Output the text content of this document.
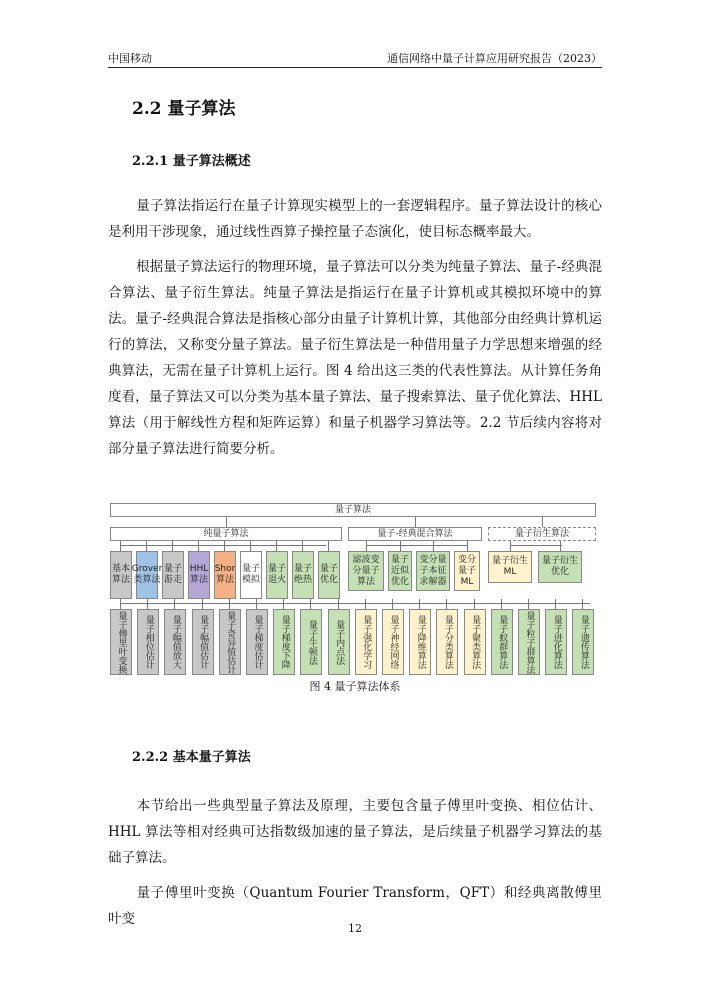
中国移动	通信网络中量子计算应用研究报告（2023）
2.2 量子算法
2.2.1 量子算法概述

量子算法指运行在量子计算现实模型上的一套逻辑程序。量子算法设计的核心是利用干涉现象，通过线性酉算子操控量子态演化，使目标态概率最大。

根据量子算法运行的物理环境，量子算法可以分类为纯量子算法、量子-经典混合算法、量子衍生算法。纯量子算法是指运行在量子计算机或其模拟环境中的算法。量子-经典混合算法是指核心部分由量子计算机计算，其他部分由经典计算机运行的算法，又称变分量子算法。量子衍生算法是一种借用量子力学思想来增强的经典算法，无需在量子计算机上运行。图 4 给出这三类的代表性算法。从计算任务角度看，量子算法又可以分类为基本量子算法、量子搜索算法、量子优化算法、HHL 算法（用于解线性方程和矩阵运算）和量子机器学习算法等。2.2 节后续内容将对部分量子算法进行简要分析。

量子算法
纯量子算法	量子-经典混合算法	量子衍生算法
基本算法
Grover类算法
量子游走
HHL算法
Shor算法
量子模拟
量子退火
量子绝热
量子优化
滤波变分量子算法
量子近似优化
变分量子本征求解器
变分量子ML
量子衍生ML
量子衍生优化
量子傅里叶变换	量子相位估计	量子幅值放大	量子幅值估计	量子奇异值估计	量子梯度估计	量子梯度下降	量子牛顿法	量子内点法	量子强化学习	量子神经网络	量子降维算法	量子分类算法	量子聚类算法	量子蚁群算法	量子粒子群算法	量子进化算法	量子遗传算法
图 4 量子算法体系
2.2.2 基本量子算法

本节给出一些典型量子算法及原理，主要包含量子傅里叶变换、相位估计、HHL 算法等相对经典可达指数级加速的量子算法，是后续量子机器学习算法的基础子算法。

量子傅里叶变换（Quantum Fourier Transform，QFT）和经典离散傅里叶变

12
